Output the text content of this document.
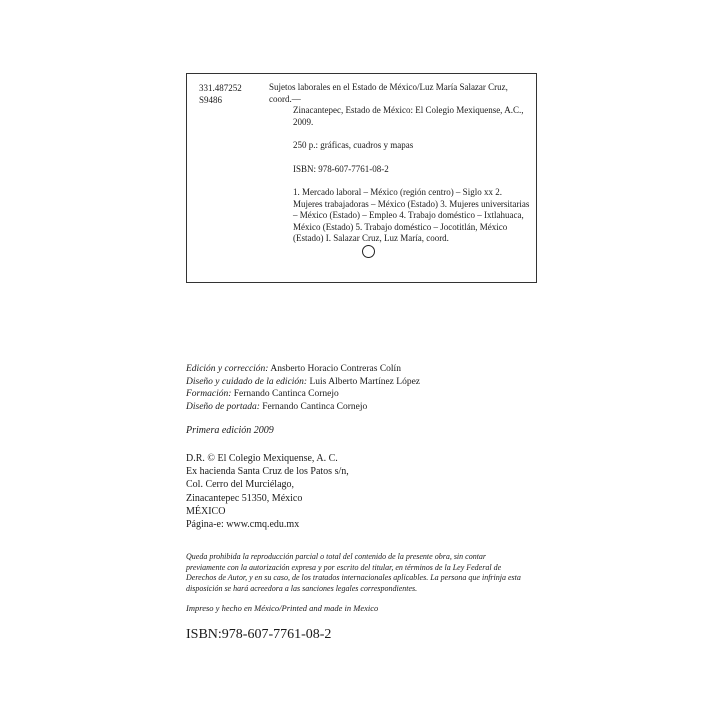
331.487252
S9486

Sujetos laborales en el Estado de México/Luz María Salazar Cruz, coord.—

Zinacantepec, Estado de México: El Colegio Mexiquense, A.C., 2009.

250 p.: gráficas, cuadros y mapas

ISBN: 978-607-7761-08-2

1. Mercado laboral – México (región centro) – Siglo xx 2. Mujeres trabajadoras – México (Estado) 3. Mujeres universitarias – México (Estado) – Empleo 4. Trabajo doméstico – Ixtlahuaca, México (Estado) 5. Trabajo doméstico – Jocotitlán, México (Estado) I. Salazar Cruz, Luz María, coord.

Edición y corrección: Ansberto Horacio Contreras Colín

Diseño y cuidado de la edición: Luis Alberto Martínez López

Formación: Fernando Cantinca Cornejo

Diseño de portada: Fernando Cantinca Cornejo

Primera edición 2009

D.R. © El Colegio Mexiquense, A. C.

Ex hacienda Santa Cruz de los Patos s/n,

Col. Cerro del Murciélago,

Zinacantepec 51350, México

MÉXICO

Página-e: www.cmq.edu.mx

Queda prohibida la reproducción parcial o total del contenido de la presente obra, sin contar previamente con la autorización expresa y por escrito del titular, en términos de la Ley Federal de Derechos de Autor, y en su caso, de los tratados internacionales aplicables. La persona que infrinja esta disposición se hará acreedora a las sanciones legales correspondientes.
Impreso y hecho en México/Printed and made in Mexico
ISBN:978-607-7761-08-2
